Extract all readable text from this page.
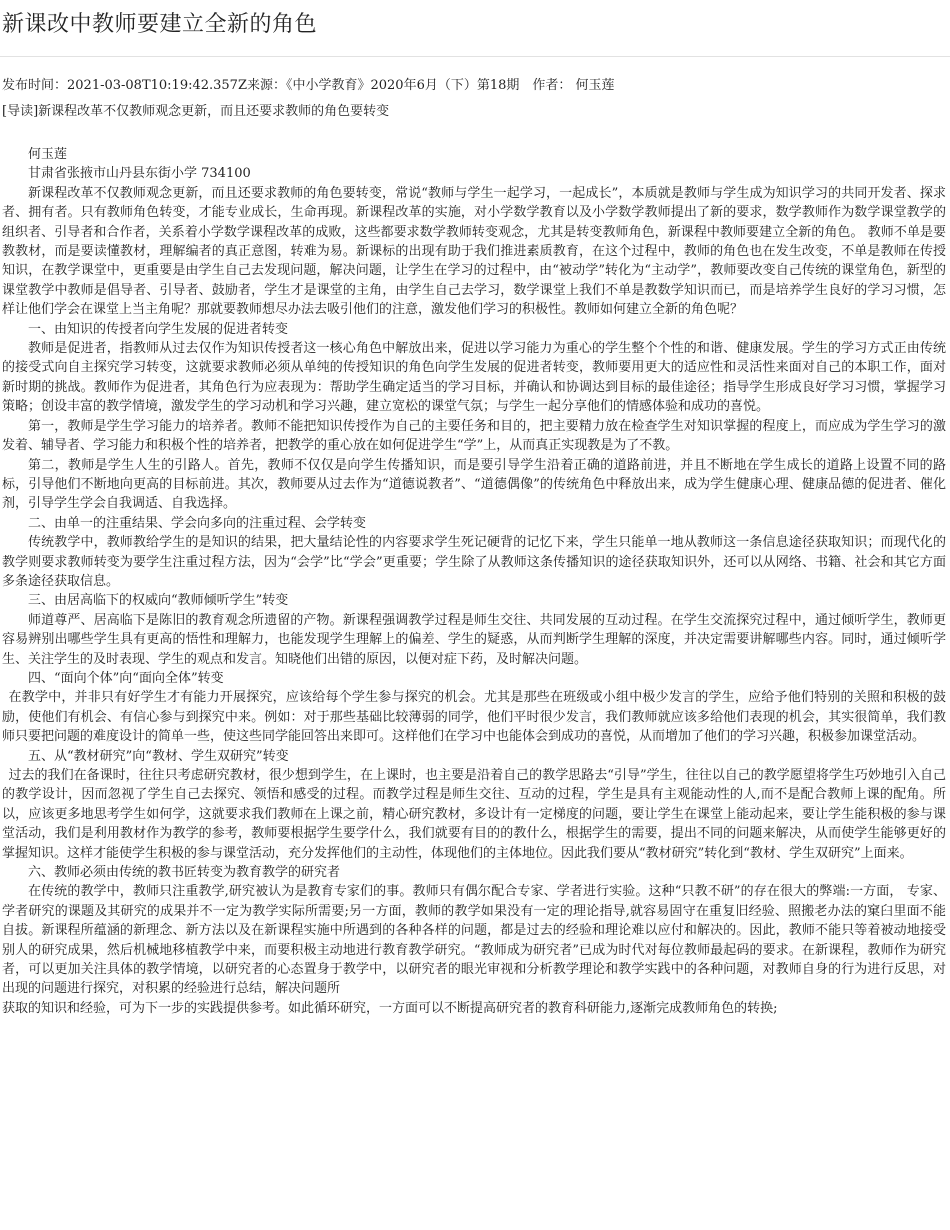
新课改中教师要建立全新的角色
发布时间：2021-03-08T10:19:42.357Z来源：《中小学教育》2020年6月（下）第18期　作者： 何玉莲
[导读]新课程改革不仅教师观念更新，而且还要求教师的角色要转变

何玉莲

甘肃省张掖市山丹县东街小学 734100

新课程改革不仅教师观念更新，而且还要求教师的角色要转变，常说“教师与学生一起学习，一起成长”，本质就是教师与学生成为知识学习的共同开发者、探求者、拥有者。只有教师角色转变，才能专业成长，生命再现。新课程改革的实施，对小学数学教育以及小学数学教师提出了新的要求，数学教师作为数学课堂教学的组织者、引导者和合作者，关系着小学数学课程改革的成败，这些都要求数学教师转变观念，尤其是转变教师角色，新课程中教师要建立全新的角色。 教师不单是要教教材，而是要读懂教材，理解编者的真正意图，转难为易。新课标的出现有助于我们推进素质教育，在这个过程中，教师的角色也在发生改变，不单是教师在传授知识，在教学课堂中，更重要是由学生自己去发现问题，解决问题，让学生在学习的过程中，由“被动学”转化为“主动学”，教师要改变自己传统的课堂角色，新型的课堂教学中教师是倡导者、引导者、鼓励者，学生才是课堂的主角，由学生自己去学习，数学课堂上我们不单是教数学知识而已，而是培养学生良好的学习习惯，怎样让他们学会在课堂上当主角呢？那就要教师想尽办法去吸引他们的注意，激发他们学习的积极性。教师如何建立全新的角色呢？

一、由知识的传授者向学生发展的促进者转变

教师是促进者，指教师从过去仅作为知识传授者这一核心角色中解放出来，促进以学习能力为重心的学生整个个性的和谐、健康发展。学生的学习方式正由传统的接受式向自主探究学习转变，这就要求教师必须从单纯的传授知识的角色向学生发展的促进者转变，教师要用更大的适应性和灵活性来面对自己的本职工作，面对新时期的挑战。教师作为促进者，其角色行为应表现为：帮助学生确定适当的学习目标，并确认和协调达到目标的最佳途径；指导学生形成良好学习习惯，掌握学习策略；创设丰富的教学情境，激发学生的学习动机和学习兴趣，建立宽松的课堂气氛；与学生一起分享他们的情感体验和成功的喜悦。

第一，教师是学生学习能力的培养者。教师不能把知识传授作为自己的主要任务和目的，把主要精力放在检查学生对知识掌握的程度上，而应成为学生学习的激发着、辅导者、学习能力和积极个性的培养者，把教学的重心放在如何促进学生“学”上，从而真正实现教是为了不教。

第二，教师是学生人生的引路人。首先，教师不仅仅是向学生传播知识，而是要引导学生沿着正确的道路前进，并且不断地在学生成长的道路上设置不同的路标，引导他们不断地向更高的目标前进。其次，教师要从过去作为“道德说教者”、“道德偶像”的传统角色中释放出来，成为学生健康心理、健康品德的促进者、催化剂，引导学生学会自我调适、自我选择。

二、由单一的注重结果、学会向多向的注重过程、会学转变

传统教学中，教师教给学生的是知识的结果，把大量结论性的内容要求学生死记硬背的记忆下来，学生只能单一地从教师这一条信息途径获取知识；而现代化的教学则要求教师转变为要学生注重过程方法，因为“会学”比“学会”更重要；学生除了从教师这条传播知识的途径获取知识外，还可以从网络、书籍、社会和其它方面多条途径获取信息。

三、由居高临下的权威向“教师倾听学生”转变

师道尊严、居高临下是陈旧的教育观念所遗留的产物。新课程强调教学过程是师生交往、共同发展的互动过程。在学生交流探究过程中，通过倾听学生，教师更容易辨别出哪些学生具有更高的悟性和理解力，也能发现学生理解上的偏差、学生的疑惑，从而判断学生理解的深度，并决定需要讲解哪些内容。同时，通过倾听学生、关注学生的及时表现、学生的观点和发言。知晓他们出错的原因，以便对症下药，及时解决问题。

四、“面向个体”向“面向全体”转变

在教学中，并非只有好学生才有能力开展探究，应该给每个学生参与探究的机会。尤其是那些在班级或小组中极少发言的学生，应给予他们特别的关照和积极的鼓励，使他们有机会、有信心参与到探究中来。例如：对于那些基础比较薄弱的同学，他们平时很少发言，我们教师就应该多给他们表现的机会，其实很简单，我们教师只要把问题的难度设计的简单一些，使这些同学能回答出来即可。这样他们在学习中也能体会到成功的喜悦，从而增加了他们的学习兴趣，积极参加课堂活动。

五、从“教材研究”向“教材、学生双研究”转变

过去的我们在备课时，往往只考虑研究教材，很少想到学生，在上课时，也主要是沿着自己的教学思路去“引导”学生，往往以自己的教学愿望将学生巧妙地引入自己的教学设计，因而忽视了学生自己去探究、领悟和感受的过程。而教学过程是师生交往、互动的过程，学生是具有主观能动性的人,而不是配合教师上课的配角。所以，应该更多地思考学生如何学，这就要求我们教师在上课之前，精心研究教材，多设计有一定梯度的问题，要让学生在课堂上能动起来，要让学生能积极的参与课堂活动，我们是利用教材作为教学的参考，教师要根据学生要学什么，我们就要有目的的教什么，根据学生的需要，提出不同的问题来解决，从而使学生能够更好的掌握知识。这样才能使学生积极的参与课堂活动，充分发挥他们的主动性，体现他们的主体地位。因此我们要从“教材研究”转化到“教材、学生双研究”上面来。

六、教师必须由传统的教书匠转变为教育教学的研究者

在传统的教学中，教师只注重教学,研究被认为是教育专家们的事。教师只有偶尔配合专家、学者进行实验。这种“只教不研”的存在很大的弊端:一方面， 专家、学者研究的课题及其研究的成果并不一定为教学实际所需要;另一方面，教师的教学如果没有一定的理论指导,就容易固守在重复旧经验、照搬老办法的窠臼里面不能自拔。新课程所蕴涵的新理念、新方法以及在新课程实施中所遇到的各种各样的问题，都是过去的经验和理论难以应付和解决的。因此，教师不能只等着被动地接受别人的研究成果，然后机械地移植教学中来，而要积极主动地进行教育教学研究。“教师成为研究者”已成为时代对每位教师最起码的要求。在新课程，教师作为研究者，可以更加关注具体的教学情境，以研究者的心态置身于教学中，以研究者的眼光审视和分析教学理论和教学实践中的各种问题，对教师自身的行为进行反思，对出现的问题进行探究，对积累的经验进行总结，解决问题所

获取的知识和经验，可为下一步的实践提供参考。如此循环研究，一方面可以不断提高研究者的教育科研能力,逐渐完成教师角色的转换;
